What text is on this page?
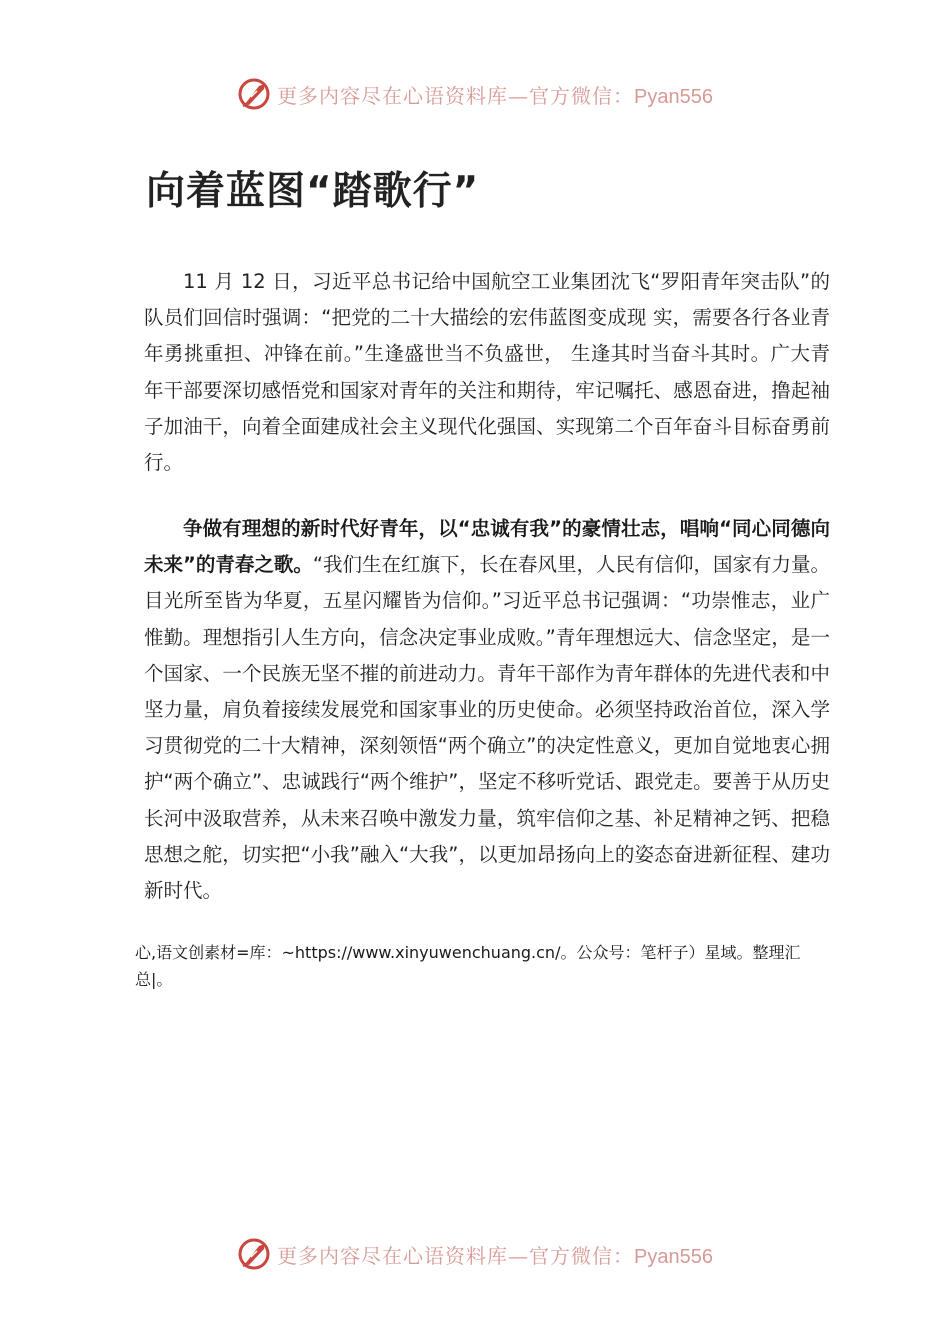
更多内容尽在心语资料库—官方微信：Pyan556
向着蓝图“踏歌行”

11 月 12 日，习近平总书记给中国航空工业集团沈飞“罗阳青年突击队”的队员们回信时强调：“把党的二十大描绘的宏伟蓝图变成现 实，需要各行各业青年勇挑重担、冲锋在前。”生逢盛世当不负盛世， 生逢其时当奋斗其时。广大青年干部要深切感悟党和国家对青年的关注和期待，牢记嘱托、感恩奋进，撸起袖子加油干，向着全面建成社会主义现代化强国、实现第二个百年奋斗目标奋勇前行。

争做有理想的新时代好青年，以“忠诚有我”的豪情壮志，唱响“同心同德向未来”的青春之歌。“我们生在红旗下，长在春风里，人民有信仰，国家有力量。目光所至皆为华夏，五星闪耀皆为信仰。”习近平总书记强调：“功崇惟志，业广惟勤。理想指引人生方向，信念决定事业成败。”青年理想远大、信念坚定，是一个国家、一个民族无坚不摧的前进动力。青年干部作为青年群体的先进代表和中坚力量，肩负着接续发展党和国家事业的历史使命。必须坚持政治首位，深入学习贯彻党的二十大精神，深刻领悟“两个确立”的决定性意义，更加自觉地衷心拥护“两个确立”、忠诚践行“两个维护”，坚定不移听党话、跟党走。要善于从历史长河中汲取营养，从未来召唤中激发力量，筑牢信仰之基、补足精神之钙、把稳思想之舵，切实把“小我”融入“大我”，以更加昂扬向上的姿态奋进新征程、建功新时代。

心,语文创素材=库：~https://www.xinyuwenchuang.cn/。公众号：笔杆子）星域。整理汇总|。

更多内容尽在心语资料库—官方微信：Pyan556
